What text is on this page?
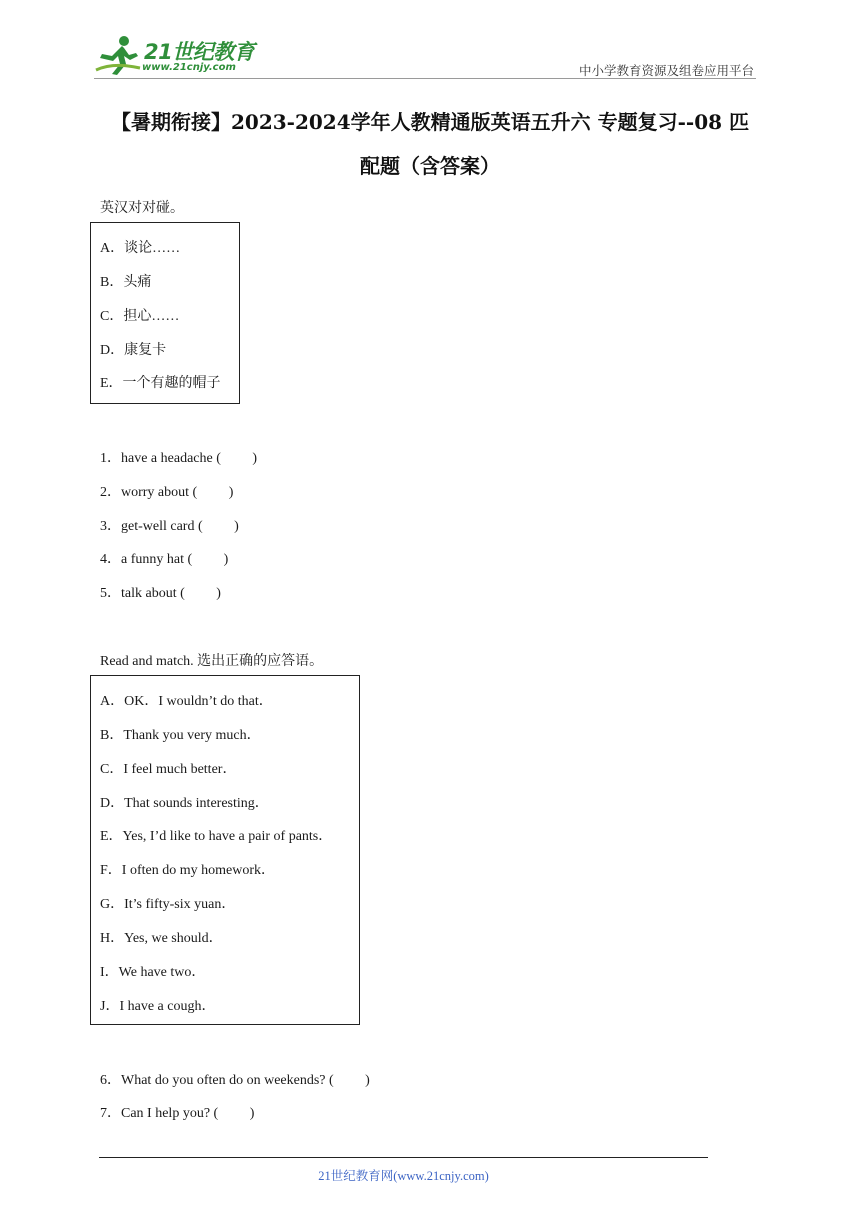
21世纪教育
www.21cnjy.com	中小学教育资源及组卷应用平台
【暑期衔接】2023-2024学年人教精通版英语五升六 专题复习--08 匹
配题（含答案）
英汉对对碰。
A．谈论……
B．头痛
C．担心……
D．康复卡
E．一个有趣的帽子
1．have a headache (　　 )
2．worry about (　　 )
3．get-well card (　　 )
4．a funny hat (　　 )
5．talk about (　　 )
Read and match. 选出正确的应答语。
A．OK．I wouldn’t do that．
B．Thank you very much．
C．I feel much better．
D．That sounds interesting．
E．Yes, I’d like to have a pair of pants．
F．I often do my homework．
G．It’s fifty-six yuan．
H．Yes, we should．
I．We have two．
J．I have a cough．
6．What do you often do on weekends? (　　 )
7．Can I help you? (　　 )
21世纪教育网(www.21cnjy.com)
